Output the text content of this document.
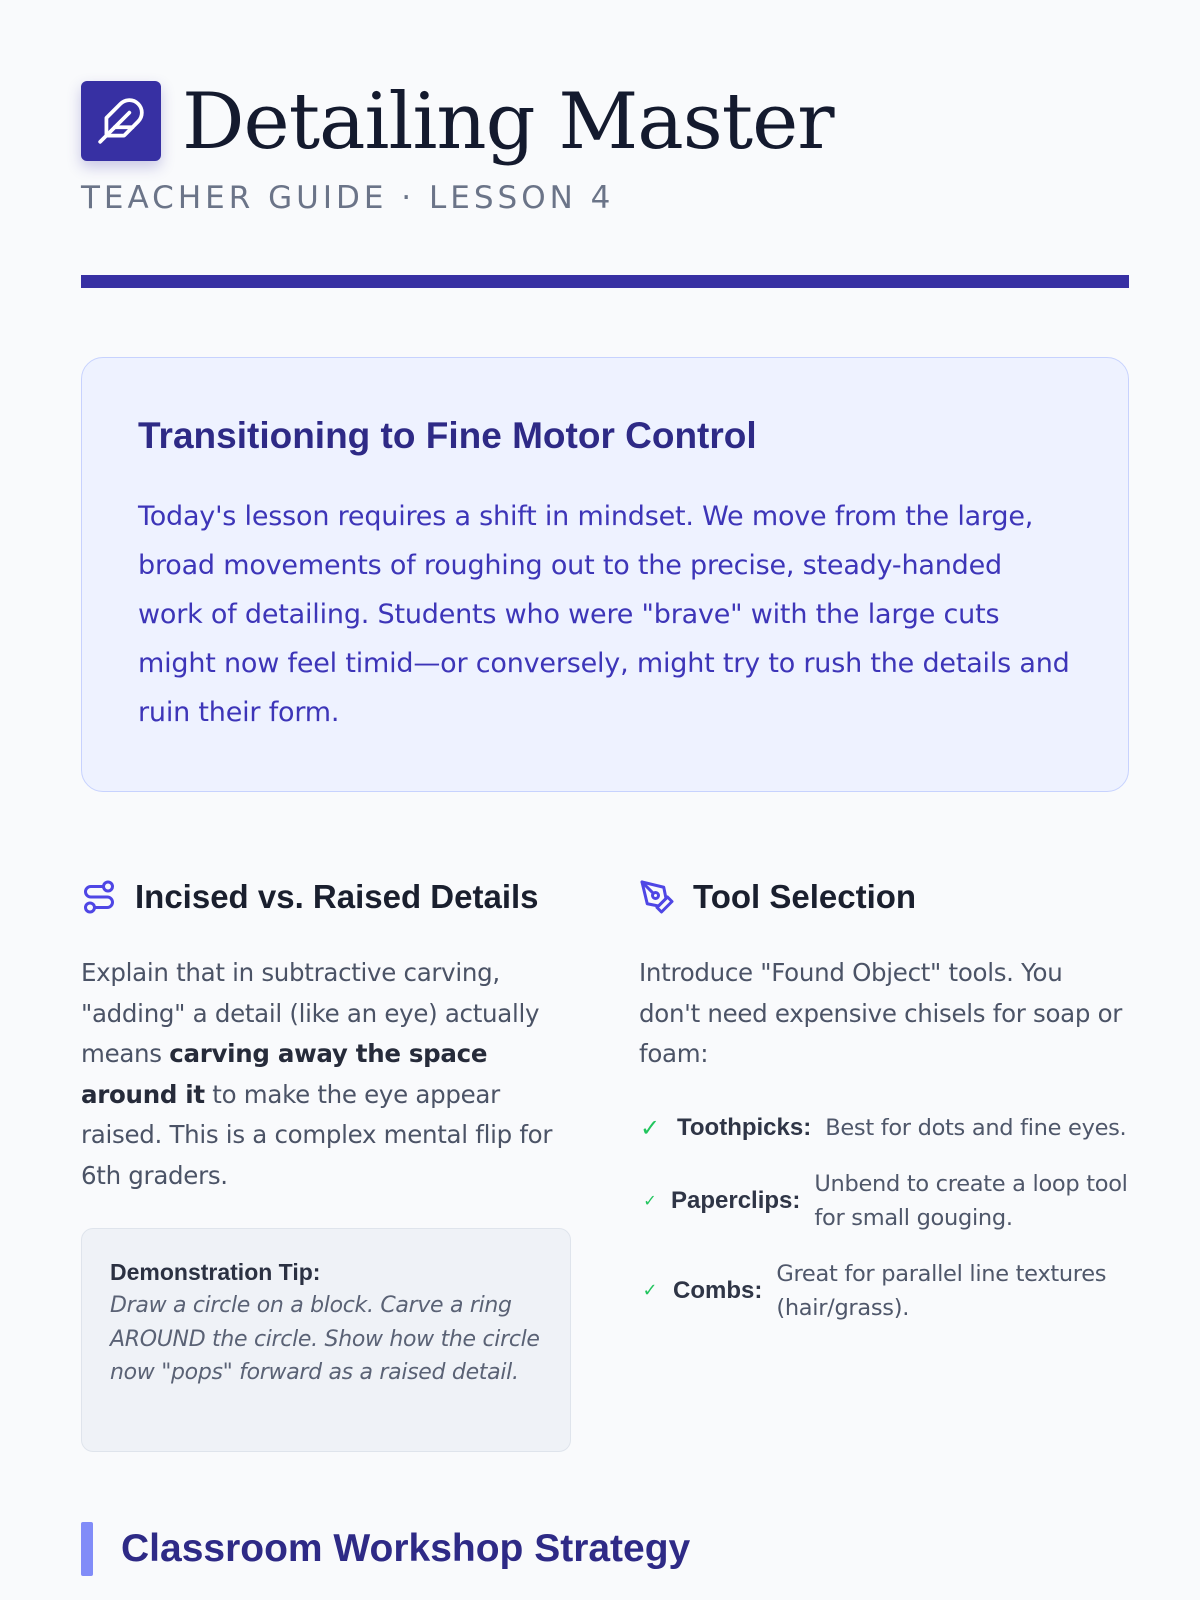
Detailing Master
TEACHER GUIDE · LESSON 4
Transitioning to Fine Motor Control

Today's lesson requires a shift in mindset. We move from the large, broad movements of roughing out to the precise, steady-handed work of detailing. Students who were "brave" with the large cuts might now feel timid—or conversely, might try to rush the details and ruin their form.

Incised vs. Raised Details
Explain that in subtractive carving, "adding" a detail (like an eye) actually means carving away the space around it to make the eye appear raised. This is a complex mental flip for 6th graders.
Demonstration Tip:
Draw a circle on a block. Carve a ring AROUND the circle. Show how the circle now "pops" forward as a raised detail.
Tool Selection
Introduce "Found Object" tools. You don't need expensive chisels for soap or foam:
✓ Toothpicks: Best for dots and fine eyes.
✓ Paperclips:
Unbend to create a loop tool for small gouging.
✓ Combs:
Great for parallel line textures (hair/grass).
Classroom Workshop Strategy
